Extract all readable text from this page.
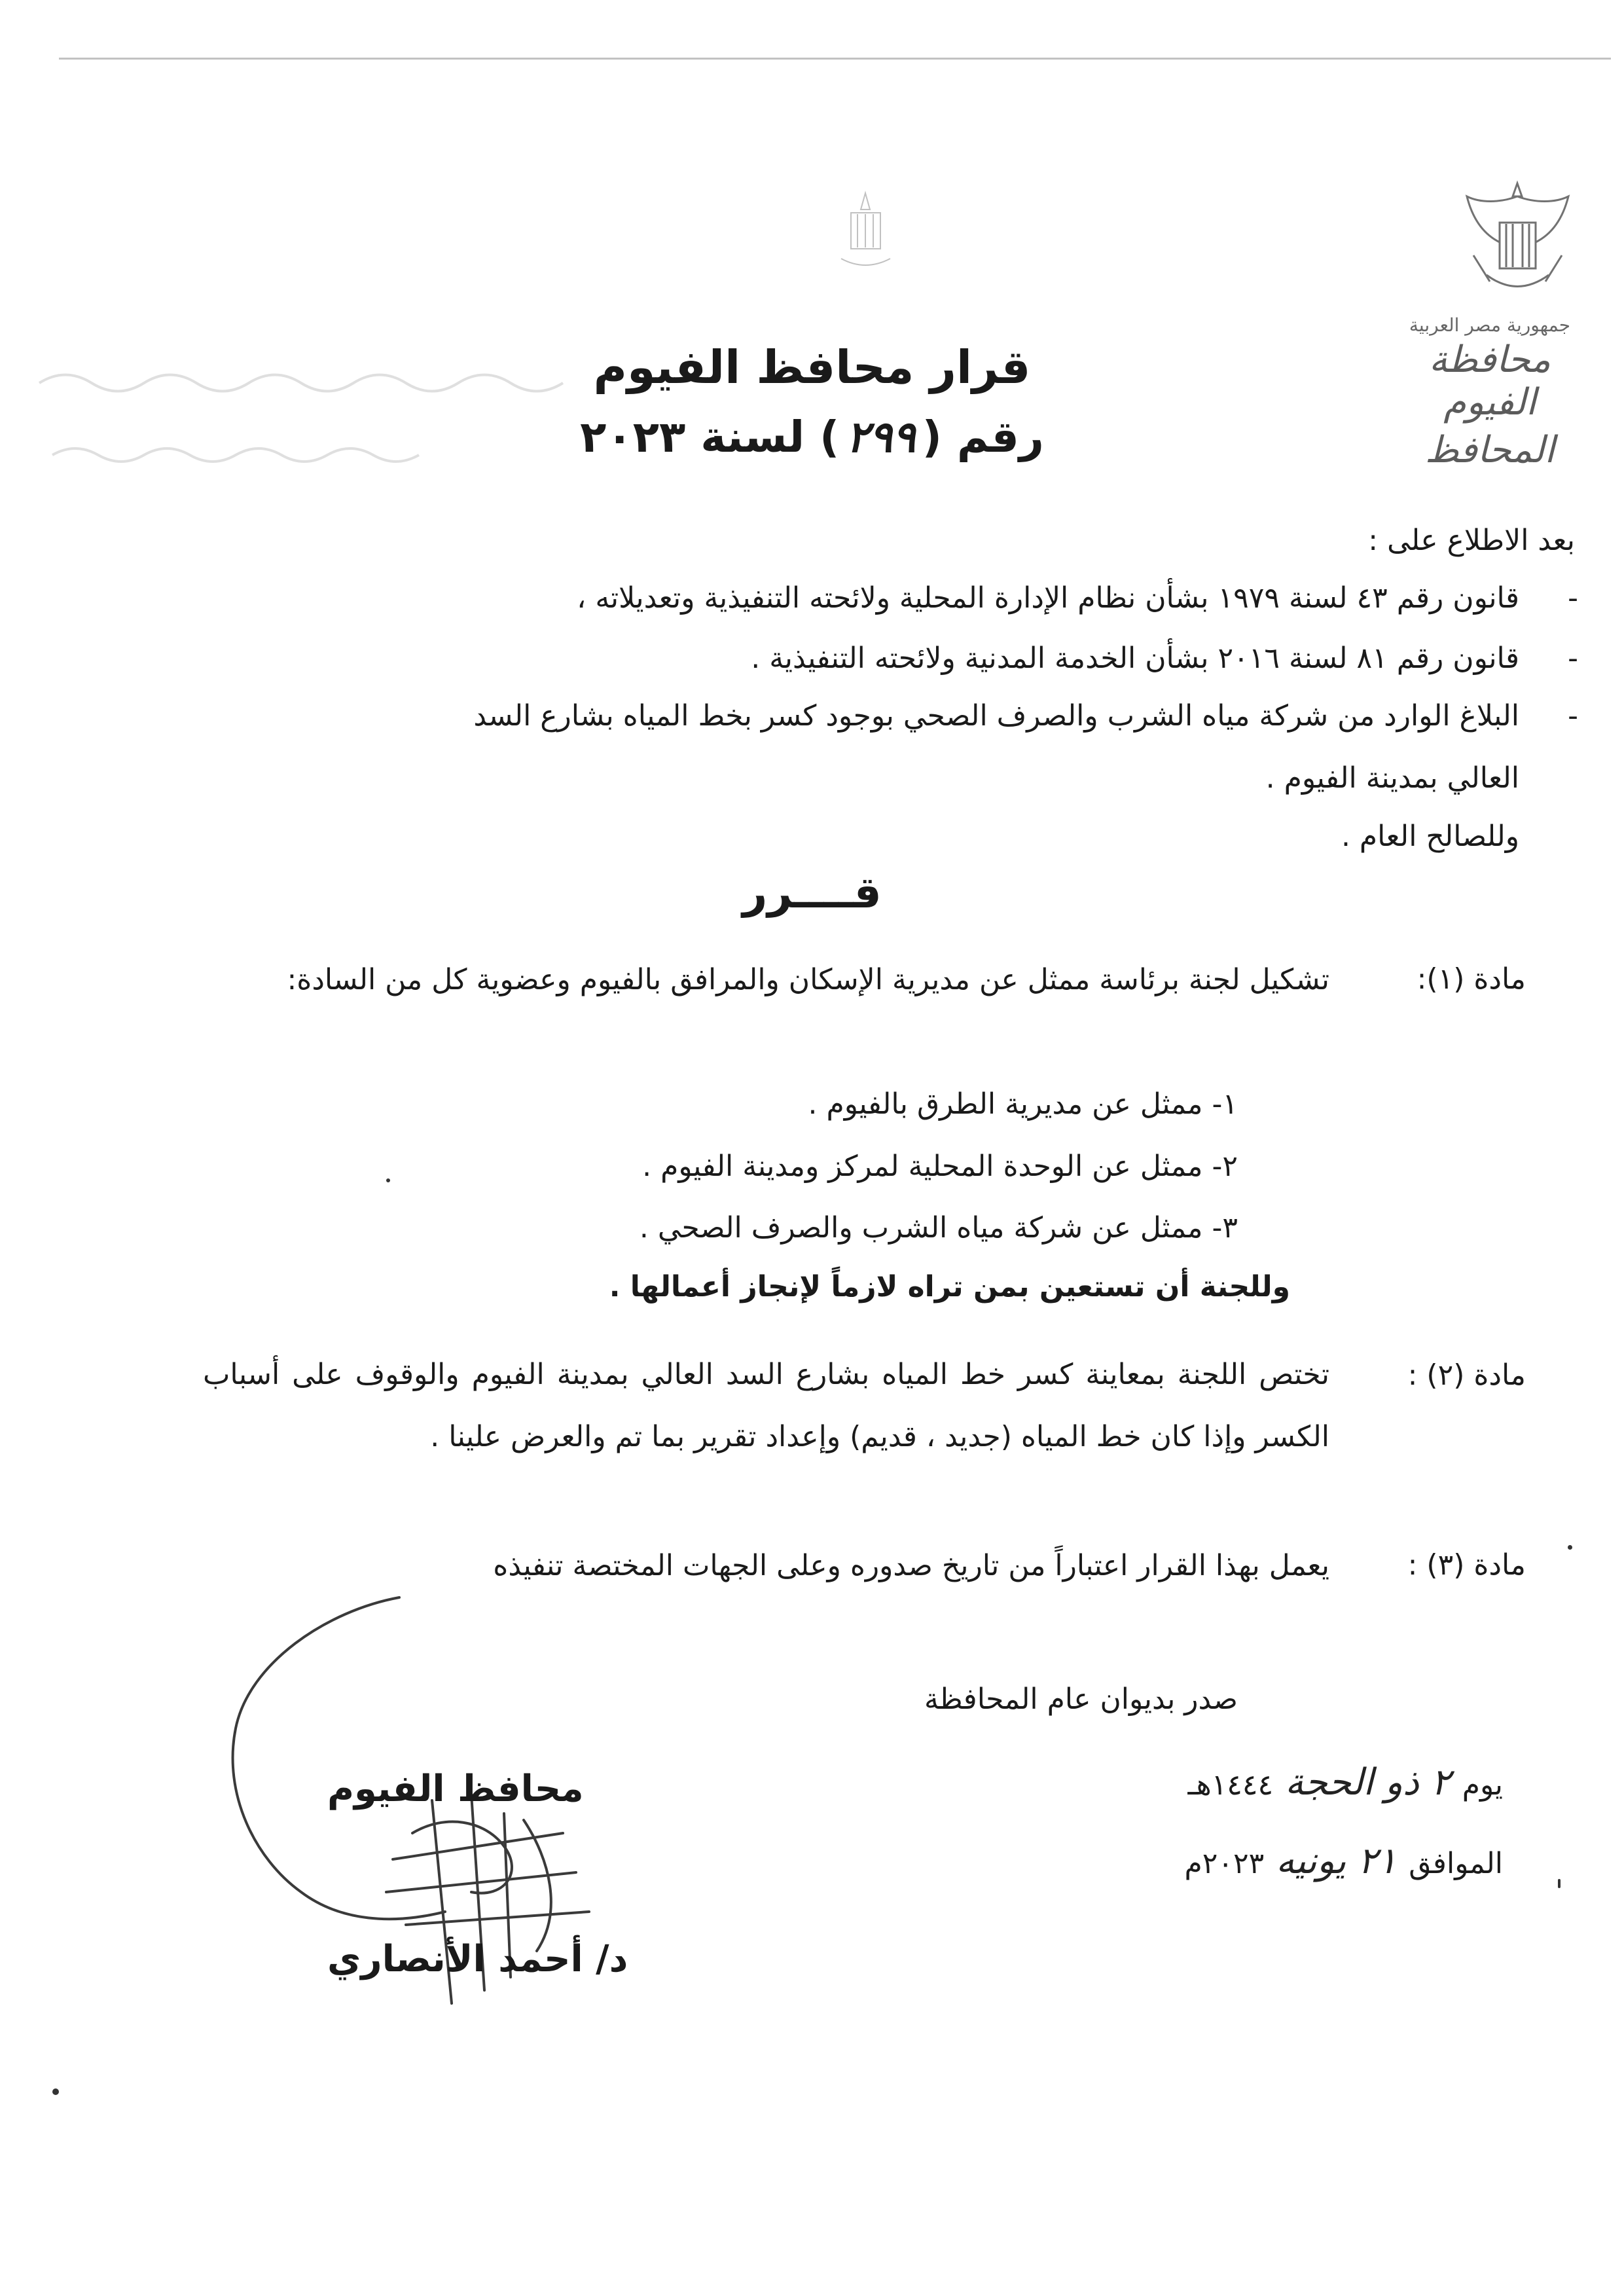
جمهورية مصر العربية
محافظة الفيوم
المحافظ
قرار محافظ الفيوم
رقم (٢٩٩) لسنة ٢٠٢٣
بعد الاطلاع على :
-
قانون رقم ٤٣ لسنة ١٩٧٩ بشأن نظام الإدارة المحلية ولائحته التنفيذية وتعديلاته ،
-
قانون رقم ٨١ لسنة ٢٠١٦ بشأن الخدمة المدنية ولائحته التنفيذية .
-
البلاغ الوارد من شركة مياه الشرب والصرف الصحي بوجود كسر بخط المياه بشارع السد
العالي بمدينة الفيوم .
وللصالح العام .
قــــرر
مادة (١):
تشكيل لجنة برئاسة ممثل عن مديرية الإسكان والمرافق بالفيوم وعضوية كل من السادة:
١- ممثل عن مديرية الطرق بالفيوم .
٢- ممثل عن الوحدة المحلية لمركز ومدينة الفيوم .
٣- ممثل عن شركة مياه الشرب والصرف الصحي .
وللجنة أن تستعين بمن تراه لازماً لإنجاز أعمالها .
مادة (٢) :
تختص اللجنة بمعاينة كسر خط المياه بشارع السد العالي بمدينة الفيوم والوقوف على أسباب الكسر وإذا كان خط المياه (جديد ، قديم) وإعداد تقرير بما تم والعرض علينا .
مادة (٣) :
يعمل بهذا القرار اعتباراً من تاريخ صدوره وعلى الجهات المختصة تنفيذه
صدر بديوان عام المحافظة
يوم٢ ذو الحجة١٤٤٤هـ
الموافق٢١ يونيه٢٠٢٣م
محافظ الفيوم
د/ أحمد الأنصاري
